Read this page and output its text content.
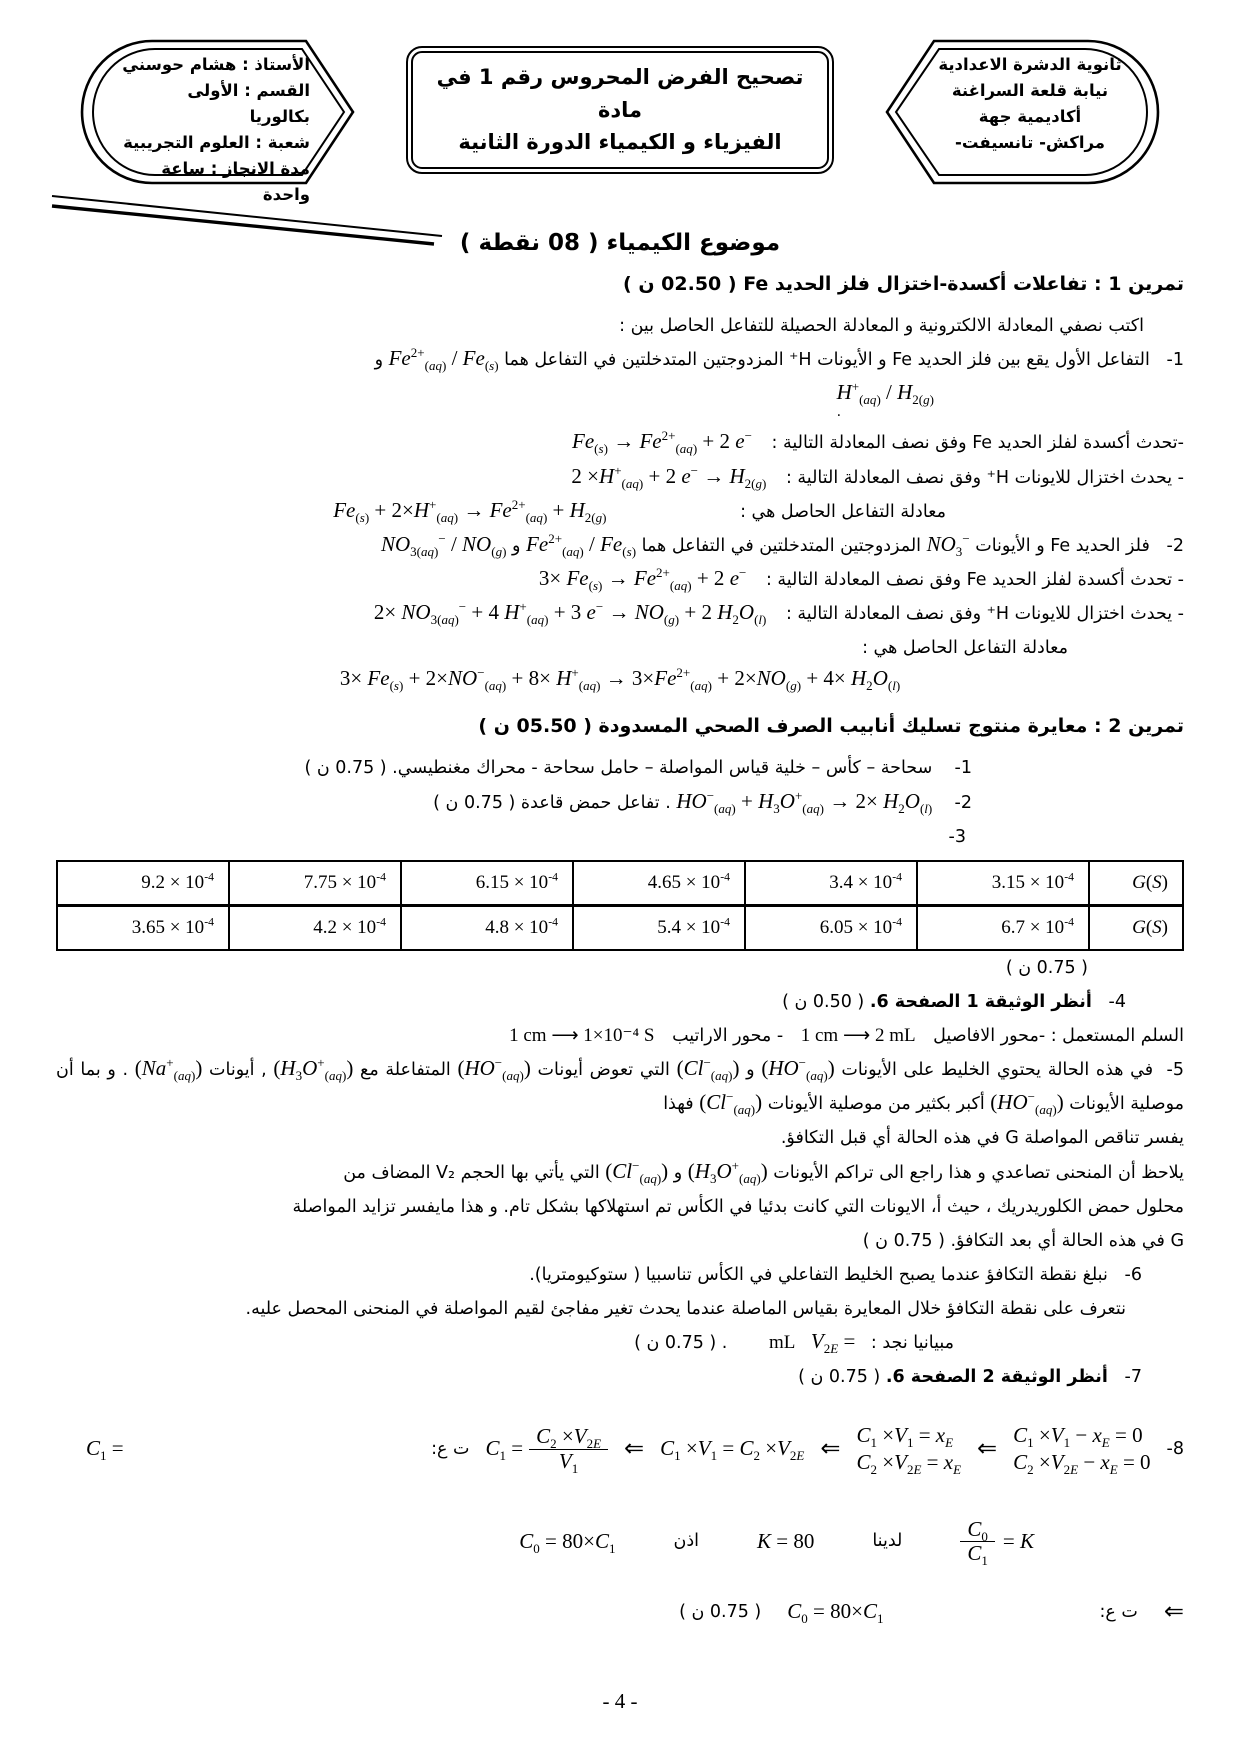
الأستاذ : هشام حوسني
القسم : الأولى بكالوريا
شعبة : العلوم التجريبية
مدة الانجاز : ساعة
واحدة
تصحيح الفرض المحروس رقم 1 في مادة
الفيزياء و الكيمياء الدورة الثانية
ثانوية الدشرة الاعدادية
نيابة قلعة السراغنة
أكاديمية جهة
مراكش- تانسيفت-
موضوع الكيمياء ( 08 نقطة )
تمرين 1 : تفاعلات أكسدة-اختزال فلز الحديد Fe ( 02.50 ن )
اكتب نصفي المعادلة الالكترونية و المعادلة الحصيلة للتفاعل الحاصل بين :
1-   التفاعل الأول يقع بين فلز الحديد Fe و الأيونات H⁺ المزدوجتين المتدخلتين في التفاعل هما $Fe^{2+}_{(aq)} / Fe_{(s)}$ و
$H^+_{(aq)} / H_{2(g)}$
.
-تحدث أكسدة لفلز الحديد Fe وفق نصف المعادلة التالية : $Fe_{(s)} \to Fe^{2+}_{(aq)} + 2$ e−
- يحدث اختزال للايونات H⁺ وفق نصف المعادلة التالية : $2 \times H^+_{(aq)} + 2$ $e^- \to H_{2(g)}$
معادلة التفاعل الحاصل هي : $Fe_{(s)} + 2\times H^+_{(aq)} \to Fe^{2+}_{(aq)} + H_{2(g)}$
2-   فلز الحديد Fe و الأيونات $NO_3^-$ المزدوجتين المتدخلتين في التفاعل هما $Fe^{2+}_{(aq)} / Fe_{(s)}$ و $NO_{3(aq)}^- / NO_{(g)}$
- تحدث أكسدة لفلز الحديد Fe وفق نصف المعادلة التالية : $3\times Fe_{(s)} \to Fe^{2+}_{(aq)} + 2$ e−
- يحدث اختزال للايونات H⁺ وفق نصف المعادلة التالية : $2\times NO_{3(aq)}^- + 4$ $H^+_{(aq)} + 3$ $e^- \to NO_{(g)} + 2$ $H_2O_{(l)}$
معادلة التفاعل الحاصل هي :
$3\times Fe_{(s)} + 2\times NO^-_{(aq)} + 8\times H^+_{(aq)} \to 3\times Fe^{2+}_{(aq)} + 2\times NO_{(g)} + 4\times H_2O_{(l)}$
تمرين 2 : معايرة منتوج تسليك أنابيب الصرف الصحي المسدودة ( 05.50 ن )
1-    سحاحة – كأس – خلية قياس المواصلة – حامل سحاحة - محراك مغنطيسي. ( 0.75 ن )
2-    $HO^-_{(aq)} + H_3O^+_{(aq)} \to 2\times H_2O_{(l)}$ . تفاعل حمض قاعدة ( 0.75 ن )
3-
$9.2 \times 10^{-4}$	$7.75 \times 10^{-4}$	$6.15 \times 10^{-4}$	$4.65 \times 10^{-4}$	$3.4 \times 10^{-4}$	$3.15 \times 10^{-4}$	G(S)
$3.65 \times 10^{-4}$	$4.2 \times 10^{-4}$	$4.8 \times 10^{-4}$	$5.4 \times 10^{-4}$	$6.05 \times 10^{-4}$	$6.7 \times 10^{-4}$	G(S)
( 0.75 ن )
4-   أنظر الوثيقة 1 الصفحة 6. ( 0.50 ن )
السلم المستعمل : -محور الافاصيل 1 cm ⟶ 2 mL - محور الاراتيب 1 cm ⟶ 1×10⁻⁴ S
5-  في هذه الحالة يحتوي الخليط على الأيونات $(HO^-_{(aq)})$ و $(Cl^-_{(aq)})$ التي تعوض أيونات $(HO^-_{(aq)})$ المتفاعلة مع $(H_3O^+_{(aq)})$ , أيونات $(Na^+_{(aq)})$ . و بما أن موصلية الأيونات $(HO^-_{(aq)})$ أكبر بكثير من موصلية الأيونات $(Cl^-_{(aq)})$ فهذا
يفسر تناقص المواصلة G في هذه الحالة أي قبل التكافؤ.
يلاحظ أن المنحنى تصاعدي و هذا راجع الى تراكم الأيونات $(H_3O^+_{(aq)})$ و $(Cl^-_{(aq)})$ التي يأتي بها الحجم V₂ المضاف من
محلول حمض الكلوريدريك ، حيث أ، الايونات التي كانت بدئيا في الكأس تم استهلاكها بشكل تام. و هذا مايفسر تزايد المواصلة
G في هذه الحالة أي بعد التكافؤ. ( 0.75 ن )
6-   نبلغ نقطة التكافؤ عندما يصبح الخليط التفاعلي في الكأس تناسبيا ( ستوكيومتريا).
نتعرف على نقطة التكافؤ خلال المعايرة بقياس الماصلة عندما يحدث تغير مفاجئ لقيم المواصلة في المنحنى المحصل عليه.
مبيانيا نجد : $V_{2E}$ = mL . ( 0.75 ن )
7-   أنظر الوثيقة 2 الصفحة 6. ( 0.75 ن )
8-
$C_1 \times V_1 - x_E = 0$
$C_2 \times V_{2E} - x_E = 0$
⇐
$C_1 \times V_1 = x_E$
$C_2 \times V_{2E} = x_E$
⇐
$C_1 \times V_1 = C_2 \times V_{2E}$
⇐
$C_1 = \frac{C_2 \times V_{2E}}{V_1}$
ت ع:
$C_1$ =
$\frac{C_0}{C_1} = K$
لدينا
K = 80
اذن
$C_0 = 80\times C_1$
⇐
ت ع:
$C_0 = 80\times C_1$
( 0.75 ن )
- 4 -
